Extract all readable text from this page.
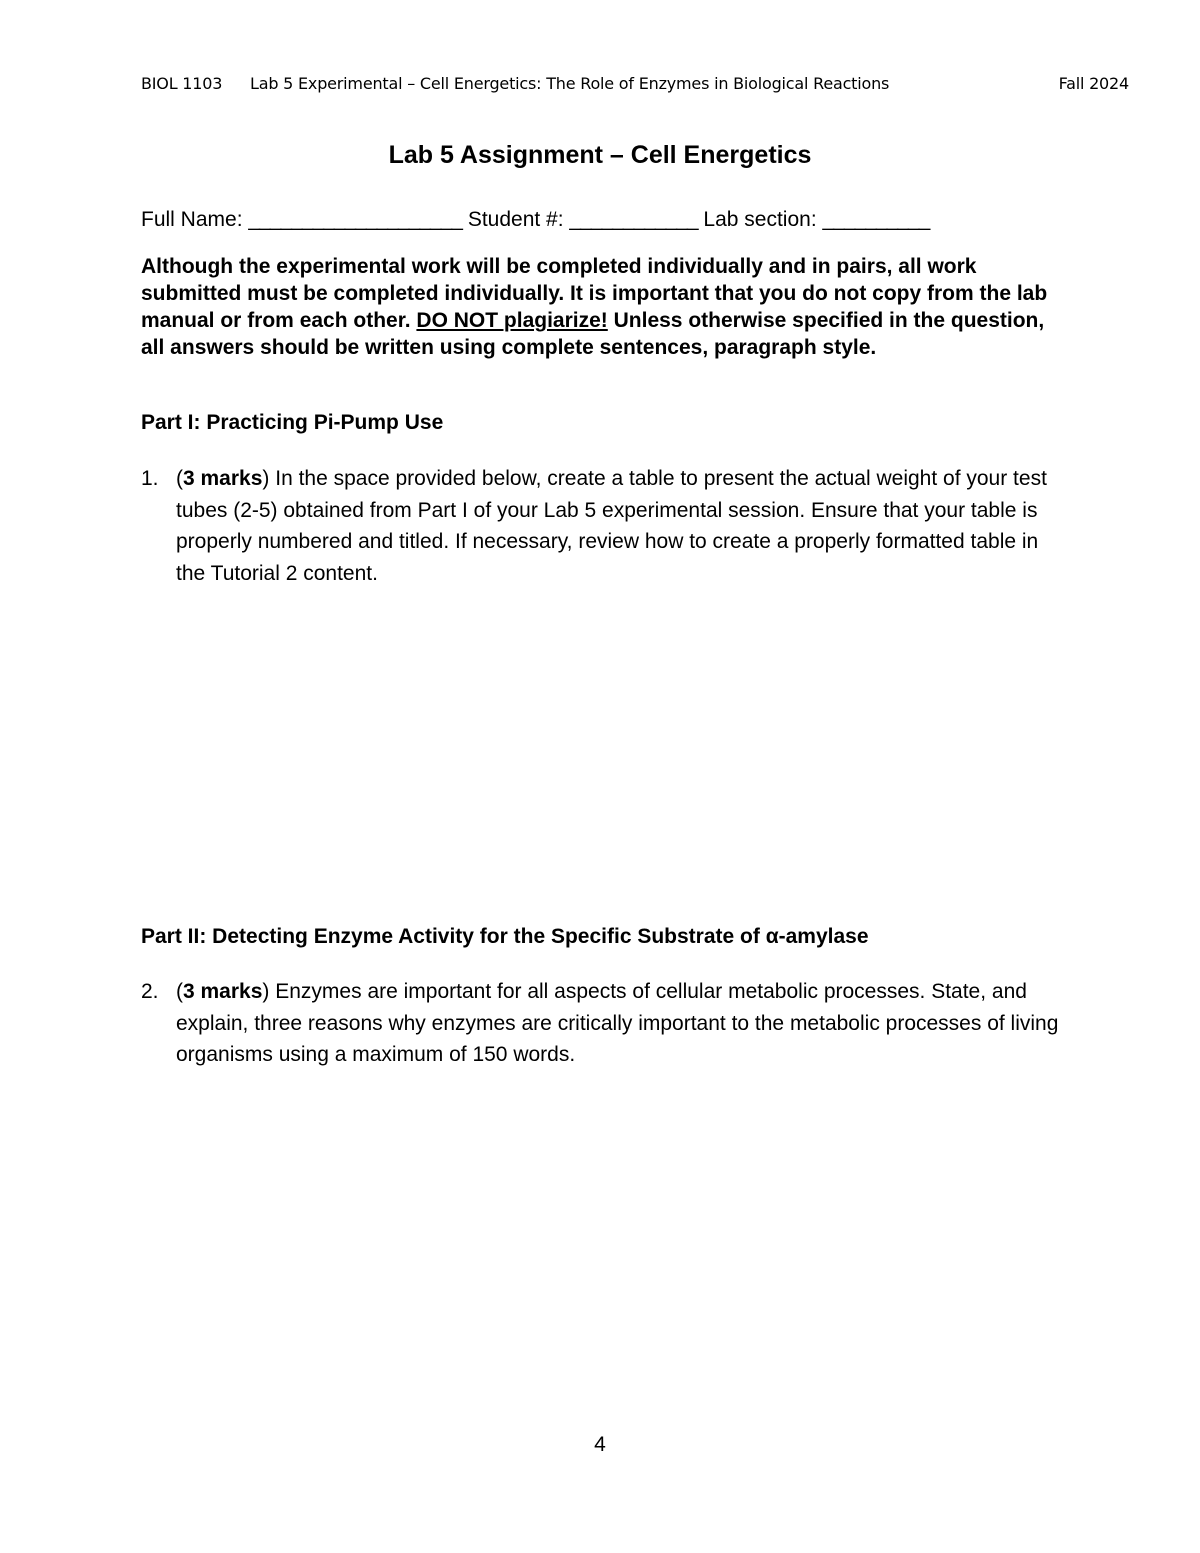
BIOL 1103 Lab 5 Experimental – Cell Energetics: The Role of Enzymes in Biological Reactions	Fall 2024
Lab 5 Assignment – Cell Energetics
Full Name: ____________________ Student #: ____________ Lab section: __________
Although the experimental work will be completed individually and in pairs, all work submitted must be completed individually. It is important that you do not copy from the lab manual or from each other. DO NOT plagiarize! Unless otherwise specified in the question, all answers should be written using complete sentences, paragraph style.
Part I: Practicing Pi-Pump Use
1. (3 marks) In the space provided below, create a table to present the actual weight of your test tubes (2-5) obtained from Part I of your Lab 5 experimental session. Ensure that your table is properly numbered and titled. If necessary, review how to create a properly formatted table in the Tutorial 2 content.
Part II: Detecting Enzyme Activity for the Specific Substrate of α-amylase
2. (3 marks) Enzymes are important for all aspects of cellular metabolic processes. State, and explain, three reasons why enzymes are critically important to the metabolic processes of living organisms using a maximum of 150 words.
4
